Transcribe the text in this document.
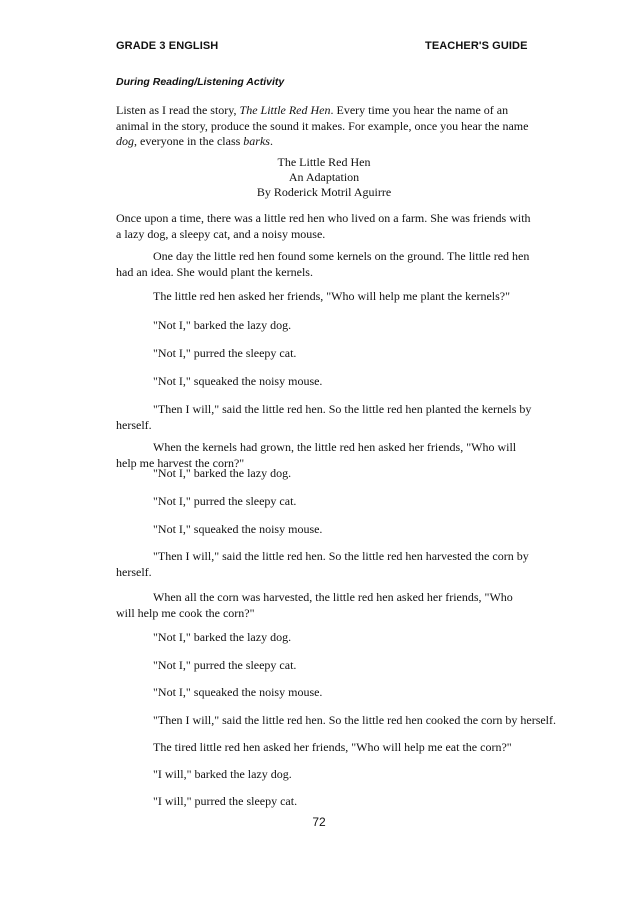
GRADE 3 ENGLISH	TEACHER'S GUIDE
During Reading/Listening Activity

Listen as I read the story, The Little Red Hen. Every time you hear the name of an animal in the story, produce the sound it makes. For example, once you hear the name dog, everyone in the class barks.

The Little Red Hen
An Adaptation
By Roderick Motril Aguirre

Once upon a time, there was a little red hen who lived on a farm. She was friends with a lazy dog, a sleepy cat, and a noisy mouse.

One day the little red hen found some kernels on the ground. The little red hen had an idea. She would plant the kernels.

The little red hen asked her friends, "Who will help me plant the kernels?"

"Not I," barked the lazy dog.

"Not I," purred the sleepy cat.

"Not I," squeaked the noisy mouse.

"Then I will," said the little red hen. So the little red hen planted the kernels by herself.

When the kernels had grown, the little red hen asked her friends, "Who will help me harvest the corn?"

"Not I," barked the lazy dog.

"Not I," purred the sleepy cat.

"Not I," squeaked the noisy mouse.

"Then I will," said the little red hen. So the little red hen harvested the corn by herself.

When all the corn was harvested, the little red hen asked her friends, "Who will help me cook the corn?"

"Not I," barked the lazy dog.

"Not I," purred the sleepy cat.

"Not I," squeaked the noisy mouse.

"Then I will," said the little red hen. So the little red hen cooked the corn by herself.

The tired little red hen asked her friends, "Who will help me eat the corn?"

"I will," barked the lazy dog.

"I will," purred the sleepy cat.

72
